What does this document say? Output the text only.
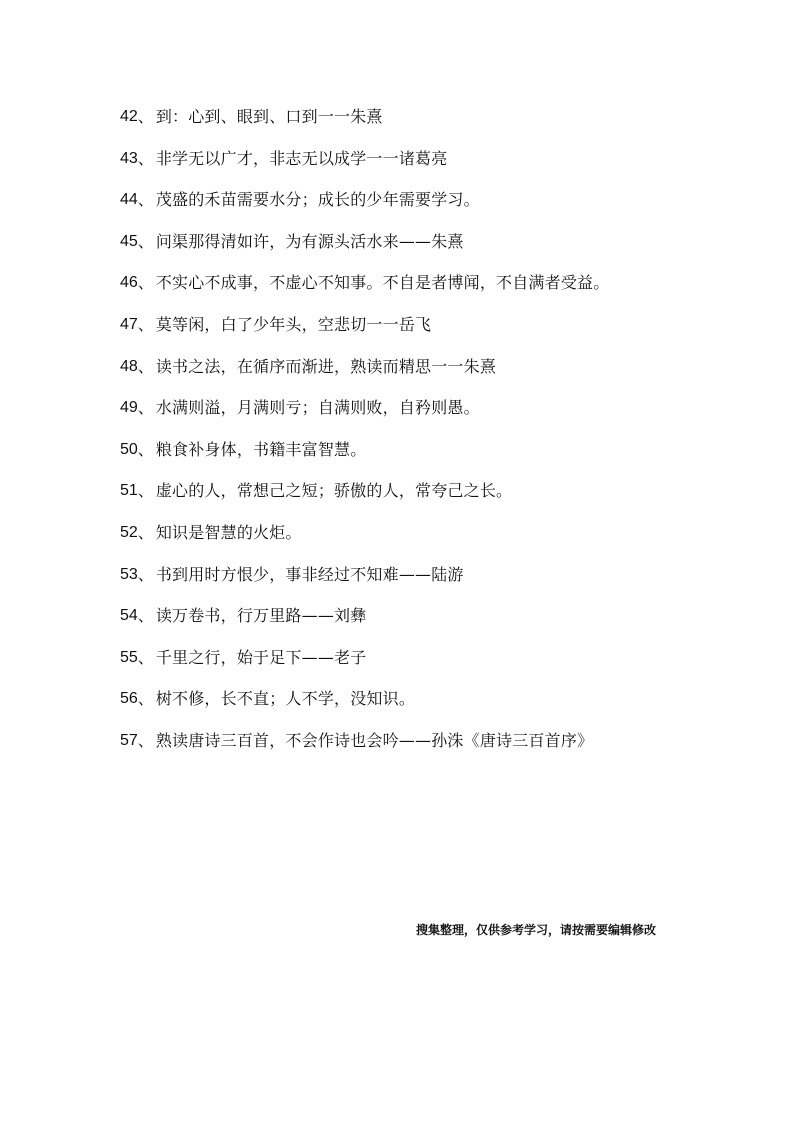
42 、 到：心到、眼到、口到一一朱熹
43 、 非学无以广才，非志无以成学一一诸葛亮
44 、 茂盛的禾苗需要水分；成长的少年需要学习。
45 、 问渠那得清如许，为有源头活水来——朱熹
46 、 不实心不成事，不虚心不知事。不自是者博闻，不自满者受益。
47 、 莫等闲，白了少年头，空悲切一一岳飞
48 、 读书之法，在循序而渐进，熟读而精思一一朱熹
49 、 水满则溢，月满则亏；自满则败，自矜则愚。
50 、 粮食补身体，书籍丰富智慧。
51 、 虚心的人，常想己之短；骄傲的人，常夸己之长。
52 、 知识是智慧的火炬。
53 、 书到用时方恨少，事非经过不知难——陆游
54 、 读万卷书，行万里路——刘彝
55 、 千里之行，始于足下——老子
56 、 树不修，长不直；人不学，没知识。
57 、 熟读唐诗三百首，不会作诗也会吟——孙洙《唐诗三百首序》
搜集整理，仅供参考学习，请按需要编辑修改
